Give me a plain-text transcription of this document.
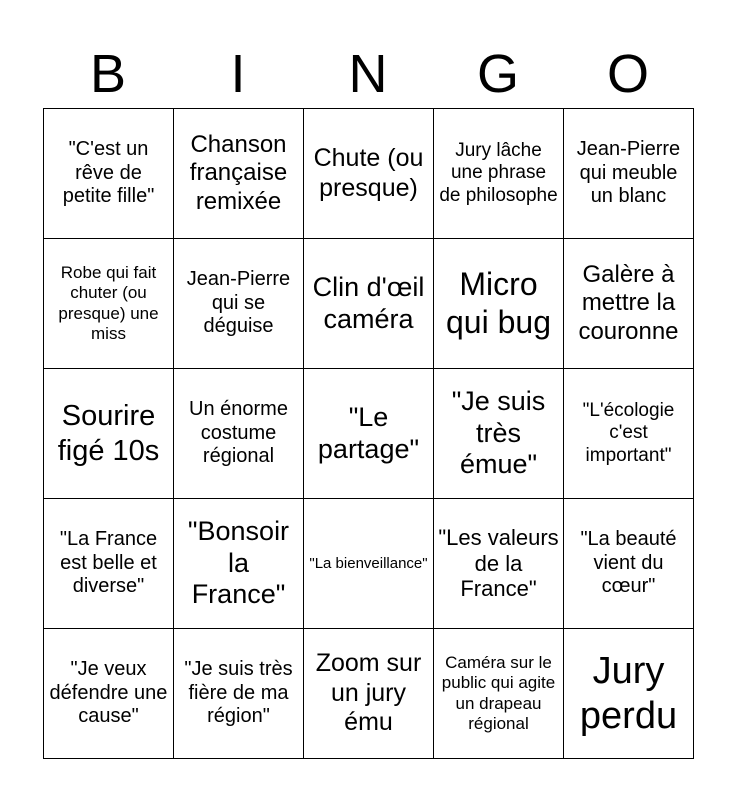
B	I	N	G	O
"C'est un rêve de petite fille"	Chanson française remixée	Chute (ou presque)	Jury lâche une phrase de philosophe	Jean-Pierre qui meuble un blanc
Robe qui fait chuter (ou presque) une miss	Jean-Pierre qui se déguise	Clin d'œil caméra	Micro qui bug	Galère à mettre la couronne
Sourire figé 10s	Un énorme costume régional	"Le partage"	"Je suis très émue"	"L'écologie c'est important"
"La France est belle et diverse"	"Bonsoir la France"	"La bienveillance"	"Les valeurs de la France"	"La beauté vient du cœur"
"Je veux défendre une cause"	"Je suis très fière de ma région"	Zoom sur un jury ému	Caméra sur le public qui agite un drapeau régional	Jury perdu
